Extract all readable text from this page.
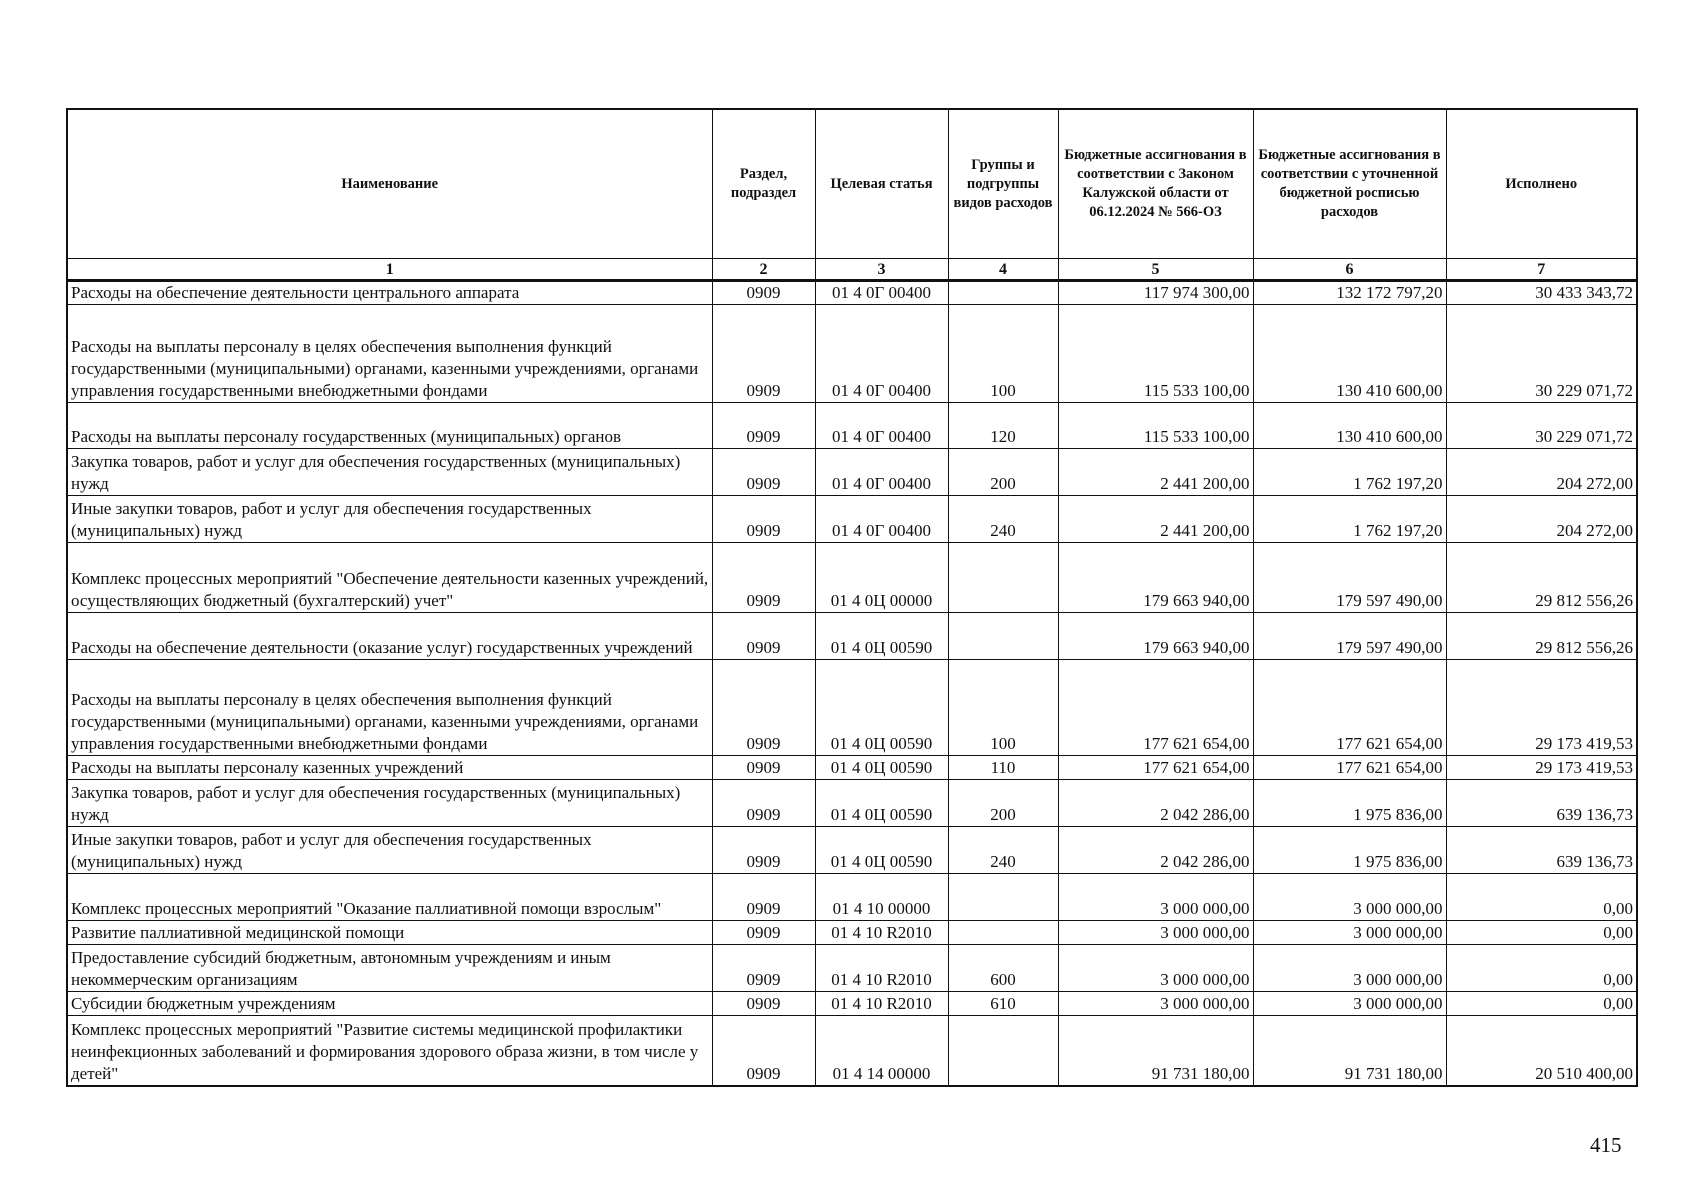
Наименование	Раздел, подраздел	Целевая статья	Группы и подгруппы видов расходов	Бюджетные ассигнования в соответствии с Законом Калужской области от 06.12.2024 № 566-ОЗ	Бюджетные ассигнования в соответствии с уточненной бюджетной росписью расходов	Исполнено
1	2	3	4	5	6	7
Расходы на обеспечение деятельности центрального аппарата	0909	01 4 0Г 00400		117 974 300,00	132 172 797,20	30 433 343,72
Расходы на выплаты персоналу в целях обеспечения выполнения функций государственными (муниципальными) органами, казенными учреждениями, органами управления государственными внебюджетными фондами	0909	01 4 0Г 00400	100	115 533 100,00	130 410 600,00	30 229 071,72
Расходы на выплаты персоналу государственных (муниципальных) органов	0909	01 4 0Г 00400	120	115 533 100,00	130 410 600,00	30 229 071,72
Закупка товаров, работ и услуг для обеспечения государственных (муниципальных) нужд	0909	01 4 0Г 00400	200	2 441 200,00	1 762 197,20	204 272,00
Иные закупки товаров, работ и услуг для обеспечения государственных (муниципальных) нужд	0909	01 4 0Г 00400	240	2 441 200,00	1 762 197,20	204 272,00
Комплекс процессных мероприятий "Обеспечение деятельности казенных учреждений, осуществляющих бюджетный (бухгалтерский) учет"	0909	01 4 0Ц 00000		179 663 940,00	179 597 490,00	29 812 556,26
Расходы на обеспечение деятельности (оказание услуг) государственных учреждений	0909	01 4 0Ц 00590		179 663 940,00	179 597 490,00	29 812 556,26
Расходы на выплаты персоналу в целях обеспечения выполнения функций государственными (муниципальными) органами, казенными учреждениями, органами управления государственными внебюджетными фондами	0909	01 4 0Ц 00590	100	177 621 654,00	177 621 654,00	29 173 419,53
Расходы на выплаты персоналу казенных учреждений	0909	01 4 0Ц 00590	110	177 621 654,00	177 621 654,00	29 173 419,53
Закупка товаров, работ и услуг для обеспечения государственных (муниципальных) нужд	0909	01 4 0Ц 00590	200	2 042 286,00	1 975 836,00	639 136,73
Иные закупки товаров, работ и услуг для обеспечения государственных (муниципальных) нужд	0909	01 4 0Ц 00590	240	2 042 286,00	1 975 836,00	639 136,73
Комплекс процессных мероприятий "Оказание паллиативной помощи взрослым"	0909	01 4 10 00000		3 000 000,00	3 000 000,00	0,00
Развитие паллиативной медицинской помощи	0909	01 4 10 R2010		3 000 000,00	3 000 000,00	0,00
Предоставление субсидий бюджетным, автономным учреждениям и иным некоммерческим организациям	0909	01 4 10 R2010	600	3 000 000,00	3 000 000,00	0,00
Субсидии бюджетным учреждениям	0909	01 4 10 R2010	610	3 000 000,00	3 000 000,00	0,00
Комплекс процессных мероприятий "Развитие системы медицинской профилактики неинфекционных заболеваний и формирования здорового образа жизни, в том числе у детей"	0909	01 4 14 00000		91 731 180,00	91 731 180,00	20 510 400,00
415
